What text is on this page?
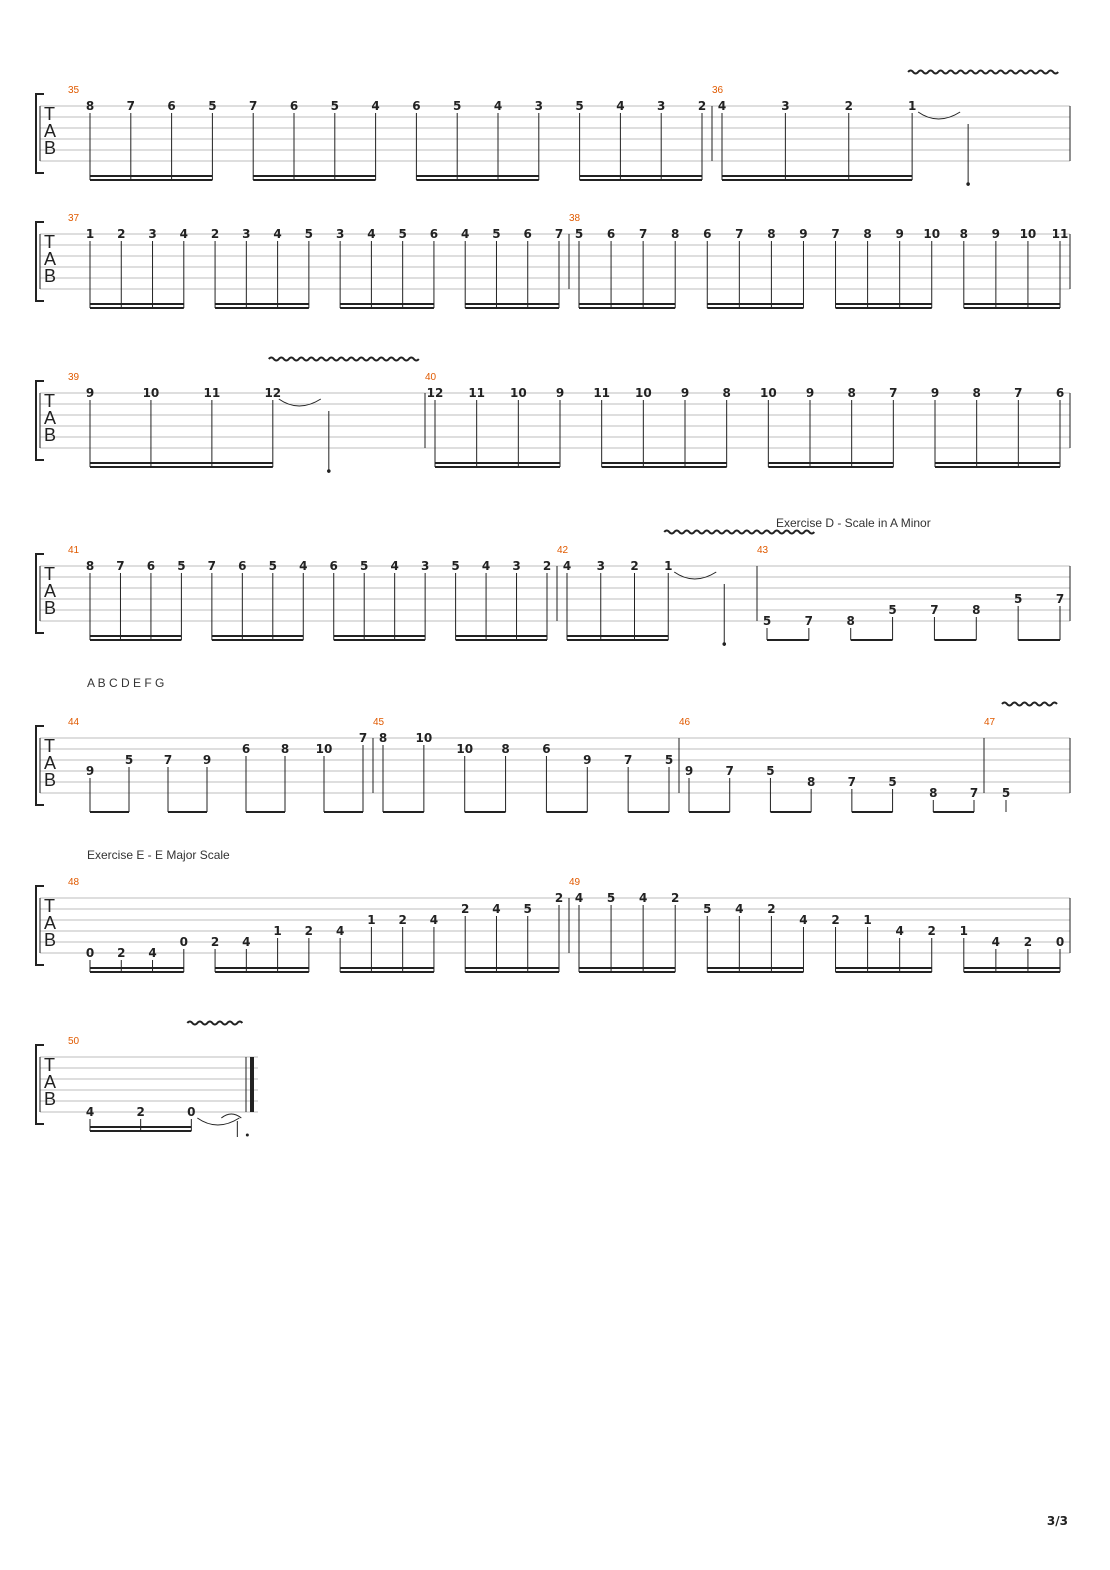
T
A
B
35
8	7	6	5	7	6	5	4	6	5	4	3	5	4	3	2
36
4	3	2	1
T
A
B
37
1 2 3 4 2 3 4 5 3 4 5 6 4 5 6 7
38
5 6 7 8 6 7 8 9 7 8 9 10 8 9 10 11
T
A
B
39
9	10	11	12
40
12 11 10 9 11 10 9	8 10 9	8	7	9	8	7	6
T
A
B
41
8 7 6 5 7 6 5 4 6 5 4 3 5 4 3 2
42
4 3 2 1
43
5	7	8
5	7	8
5	7
T
A
B
44
9
5	7	9
6	8 10
7
45
8 10
10 8	6
9	7	5
46
9	7	5
8	7	5
8	7
47
5
T
A
B
48
0 2 4
0 2 4
1 2 4
1 2 4
2 4 5
2
49
4 5 4 2
5 4 2
4 2 1
4 2 1
4 2 0
T
A
B
50
4	2	0
Exercise D - Scale in A Minor
A B C D E F G
Exercise E - E Major Scale
3/3
